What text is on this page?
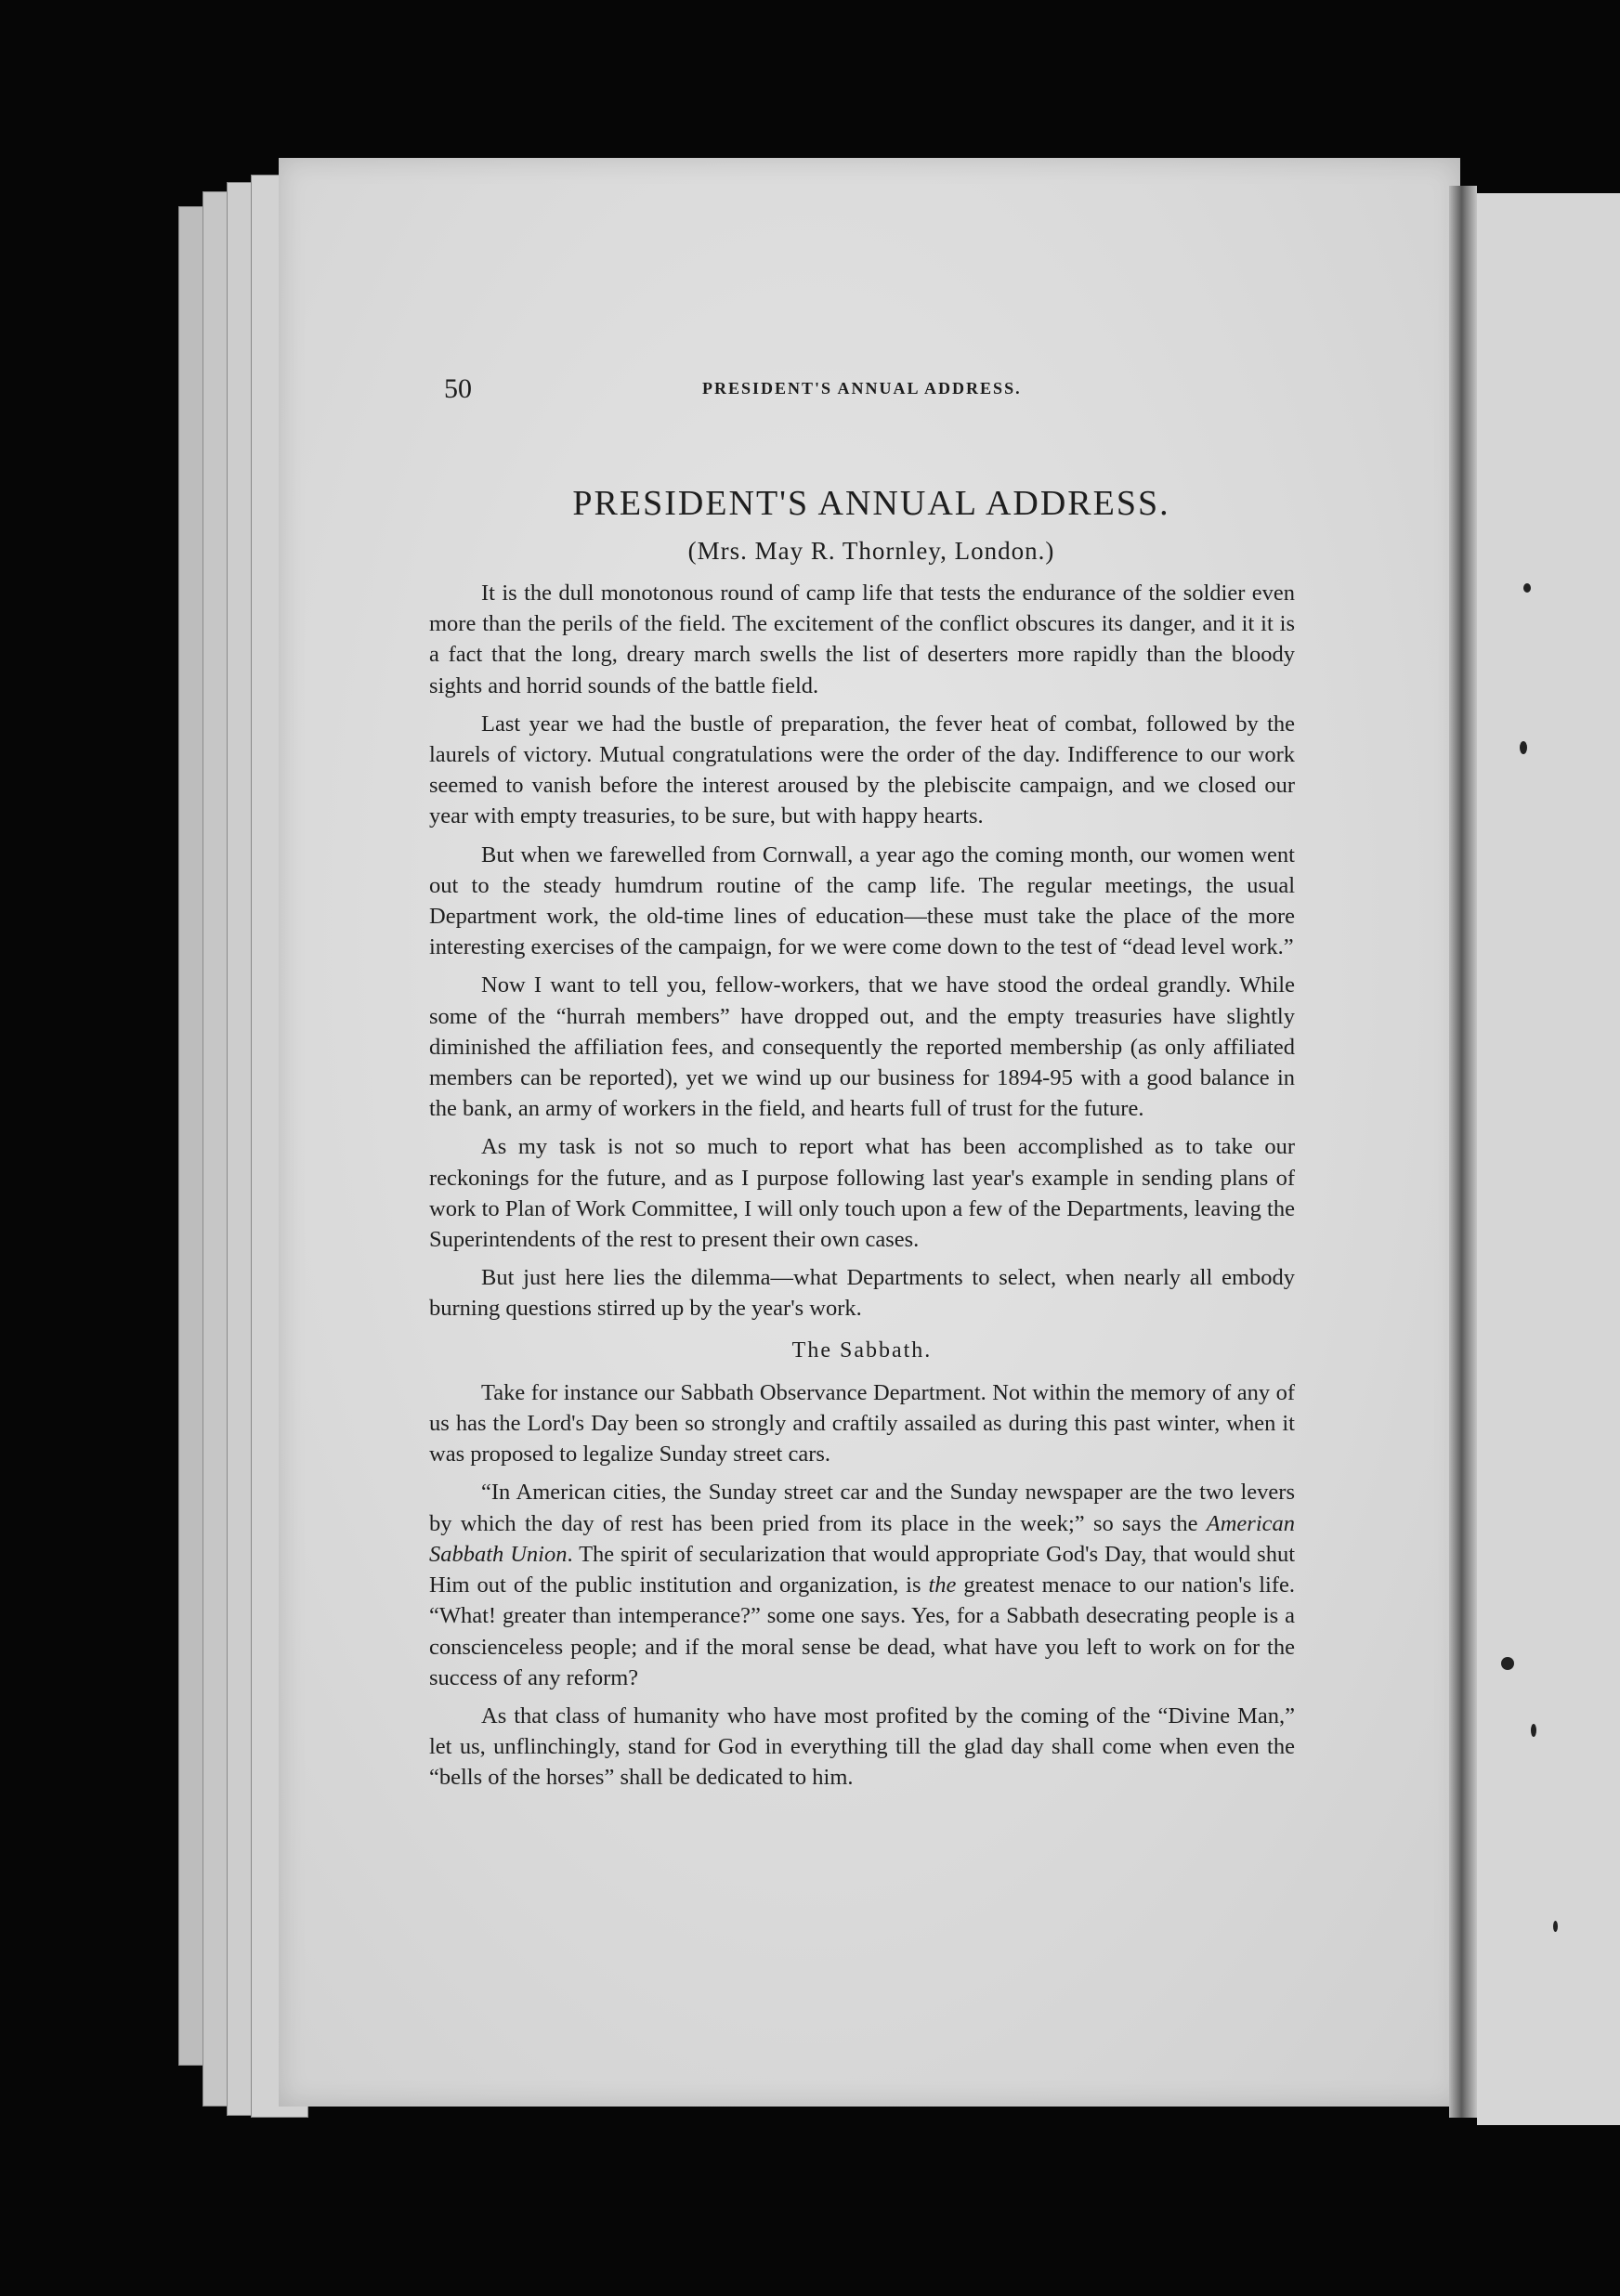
50	PRESIDENT'S ANNUAL ADDRESS.
PRESIDENT'S ANNUAL ADDRESS.
(Mrs. May R. Thornley, London.)

It is the dull monotonous round of camp life that tests the endurance of the soldier even more than the perils of the field. The excitement of the conflict obscures its danger, and it it is a fact that the long, dreary march swells the list of deserters more rapidly than the bloody sights and horrid sounds of the battle field.

Last year we had the bustle of preparation, the fever heat of combat, followed by the laurels of victory. Mutual congratulations were the order of the day. Indifference to our work seemed to vanish before the interest aroused by the plebiscite campaign, and we closed our year with empty treasuries, to be sure, but with happy hearts.

But when we farewelled from Cornwall, a year ago the coming month, our women went out to the steady humdrum routine of the camp life. The regular meetings, the usual Department work, the old-time lines of education—these must take the place of the more interesting exercises of the campaign, for we were come down to the test of “dead level work.”

Now I want to tell you, fellow-workers, that we have stood the ordeal grandly. While some of the “hurrah members” have dropped out, and the empty treasuries have slightly diminished the affiliation fees, and consequently the reported membership (as only affiliated members can be reported), yet we wind up our business for 1894-95 with a good balance in the bank, an army of workers in the field, and hearts full of trust for the future.

As my task is not so much to report what has been accomplished as to take our reckonings for the future, and as I purpose following last year's example in sending plans of work to Plan of Work Committee, I will only touch upon a few of the Departments, leaving the Superintendents of the rest to present their own cases.

But just here lies the dilemma—what Departments to select, when nearly all embody burning questions stirred up by the year's work.

The Sabbath.

Take for instance our Sabbath Observance Department. Not within the memory of any of us has the Lord's Day been so strongly and craftily assailed as during this past winter, when it was proposed to legalize Sunday street cars.

“In American cities, the Sunday street car and the Sunday newspaper are the two levers by which the day of rest has been pried from its place in the week;” so says the American Sabbath Union. The spirit of secularization that would appropriate God's Day, that would shut Him out of the public institution and organization, is the greatest menace to our nation's life. “What! greater than intemperance?” some one says. Yes, for a Sabbath desecrating people is a conscienceless people; and if the moral sense be dead, what have you left to work on for the success of any reform?

As that class of humanity who have most profited by the coming of the “Divine Man,” let us, unflinchingly, stand for God in everything till the glad day shall come when even the “bells of the horses” shall be dedicated to him.
